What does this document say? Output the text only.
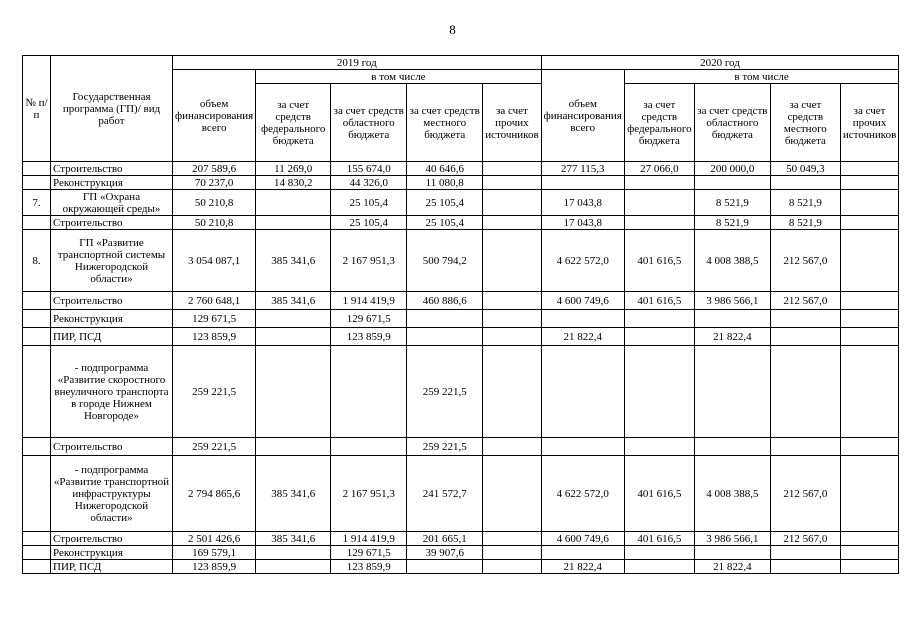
8
№ п/п	Государственная программа (ГП)/ вид работ	2019 год					2020 год				
		объем финансирования всего	в том числе				объем финансирования всего	в том числе			
			за счет средств федерального бюджета	за счет средств областного бюджета	за счет средств местного бюджета	за счет прочих источников		за счет средств федерального бюджета	за счет средств областного бюджета	за счет средств местного бюджета	за счет прочих источников
	Строительство	207 589,6	11 269,0	155 674,0	40 646,6		277 115,3	27 066,0	200 000,0	50 049,3	
	Реконструкция	70 237,0	14 830,2	44 326,0	11 080,8						
7.	ГП «Охрана окружающей среды»	50 210,8		25 105,4	25 105,4		17 043,8		8 521,9	8 521,9	
	Строительство	50 210,8		25 105,4	25 105,4		17 043,8		8 521,9	8 521,9	
8.	ГП «Развитие транспортной системы Нижегородской области»	3 054 087,1	385 341,6	2 167 951,3	500 794,2		4 622 572,0	401 616,5	4 008 388,5	212 567,0	
	Строительство	2 760 648,1	385 341,6	1 914 419,9	460 886,6		4 600 749,6	401 616,5	3 986 566,1	212 567,0	
	Реконструкция	129 671,5		129 671,5							
	ПИР, ПСД	123 859,9		123 859,9			21 822,4		21 822,4		
	- подпрограмма «Развитие скоростного внеуличного транспорта в городе Нижнем Новгороде»	259 221,5			259 221,5						
	Строительство	259 221,5			259 221,5						
	- подпрограмма «Развитие транспортной инфраструктуры Нижегородской области»	2 794 865,6	385 341,6	2 167 951,3	241 572,7		4 622 572,0	401 616,5	4 008 388,5	212 567,0	
	Строительство	2 501 426,6	385 341,6	1 914 419,9	201 665,1		4 600 749,6	401 616,5	3 986 566,1	212 567,0	
	Реконструкция	169 579,1		129 671,5	39 907,6						
	ПИР, ПСД	123 859,9		123 859,9			21 822,4		21 822,4		
